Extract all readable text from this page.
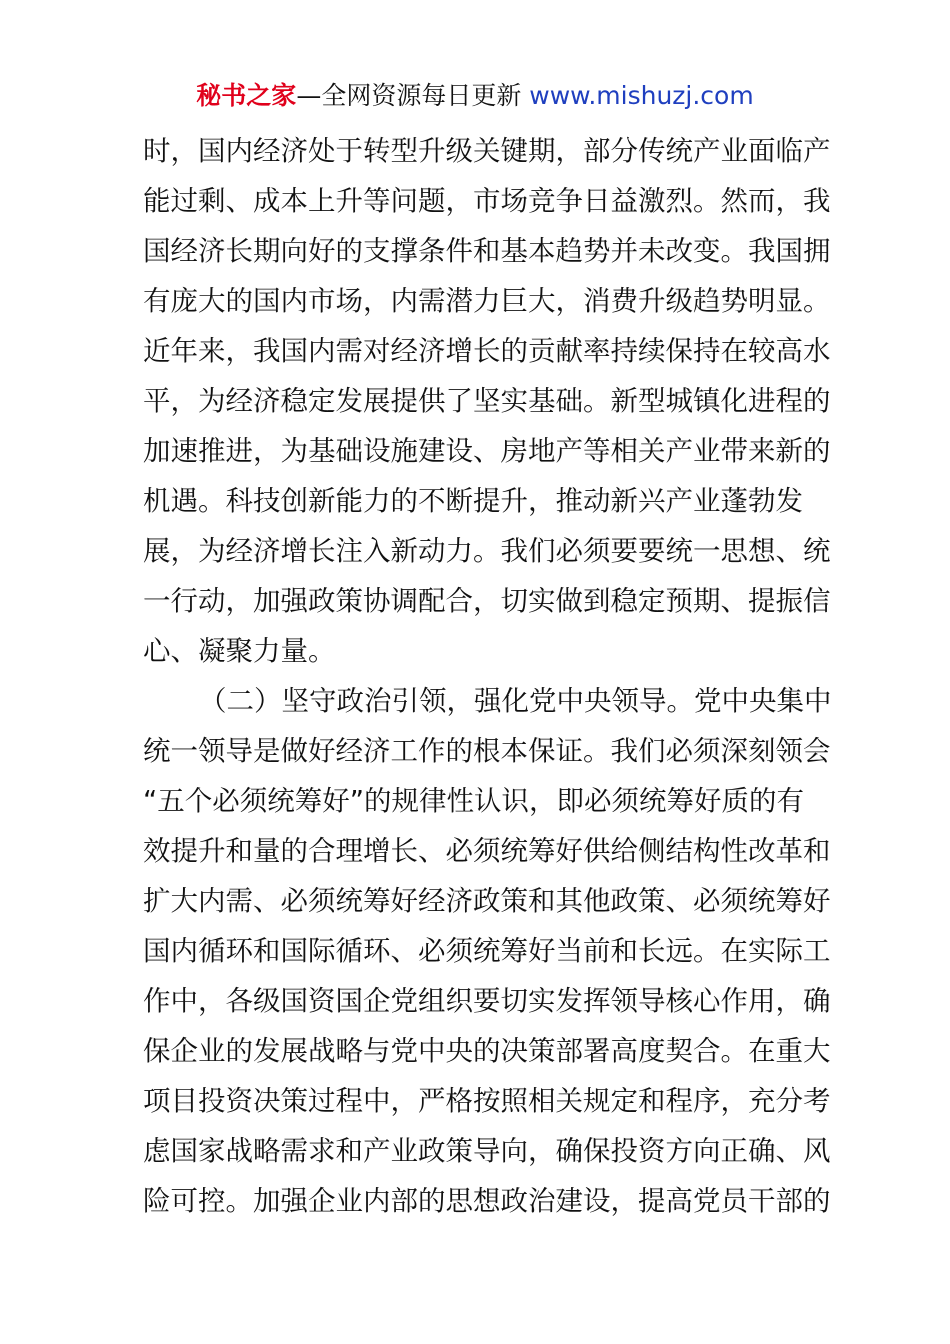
秘书之家—全网资源每日更新 www.mishuzj.com
时，国内经济处于转型升级关键期，部分传统产业面临产
能过剩、成本上升等问题，市场竞争日益激烈。然而，我
国经济长期向好的支撑条件和基本趋势并未改变。我国拥
有庞大的国内市场，内需潜力巨大，消费升级趋势明显。
近年来，我国内需对经济增长的贡献率持续保持在较高水
平，为经济稳定发展提供了坚实基础。新型城镇化进程的
加速推进，为基础设施建设、房地产等相关产业带来新的
机遇。科技创新能力的不断提升，推动新兴产业蓬勃发
展，为经济增长注入新动力。我们必须要要统一思想、统
一行动，加强政策协调配合，切实做到稳定预期、提振信
心、凝聚力量。
（二）坚守政治引领，强化党中央领导。党中央集中
统一领导是做好经济工作的根本保证。我们必须深刻领会
“五个必须统筹好”的规律性认识，即必须统筹好质的有
效提升和量的合理增长、必须统筹好供给侧结构性改革和
扩大内需、必须统筹好经济政策和其他政策、必须统筹好
国内循环和国际循环、必须统筹好当前和长远。在实际工
作中，各级国资国企党组织要切实发挥领导核心作用，确
保企业的发展战略与党中央的决策部署高度契合。在重大
项目投资决策过程中，严格按照相关规定和程序，充分考
虑国家战略需求和产业政策导向，确保投资方向正确、风
险可控。加强企业内部的思想政治建设，提高党员干部的
